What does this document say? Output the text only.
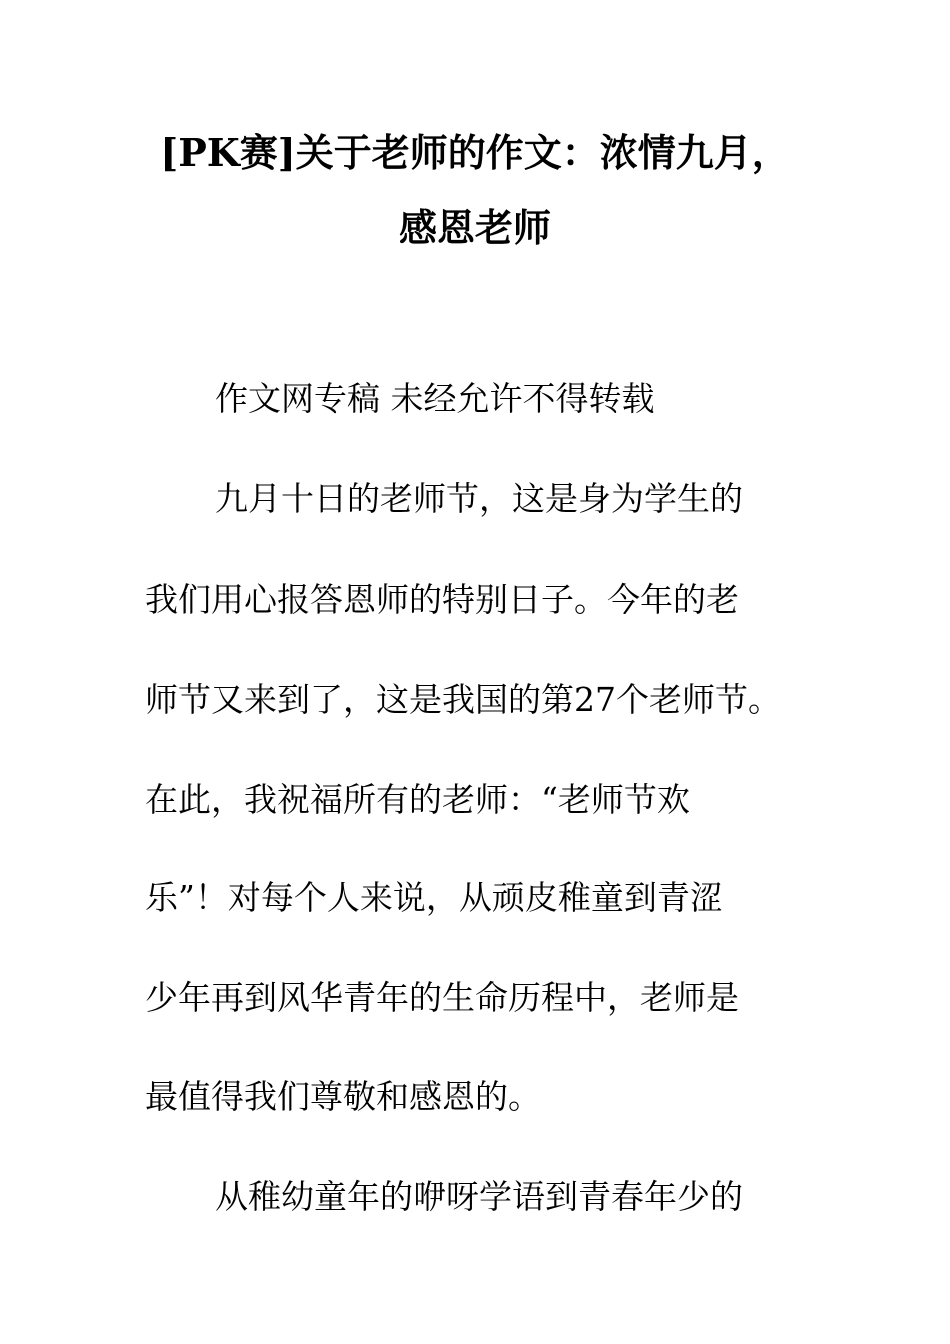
[PK赛]关于老师的作文：浓情九月，
感恩老师

作文网专稿 未经允许不得转载

九月十日的老师节，这是身为学生的

我们用心报答恩师的特别日子。今年的老

师节又来到了，这是我国的第27个老师节。

在此，我祝福所有的老师：“老师节欢

乐”！对每个人来说，从顽皮稚童到青涩

少年再到风华青年的生命历程中，老师是

最值得我们尊敬和感恩的。

从稚幼童年的咿呀学语到青春年少的
